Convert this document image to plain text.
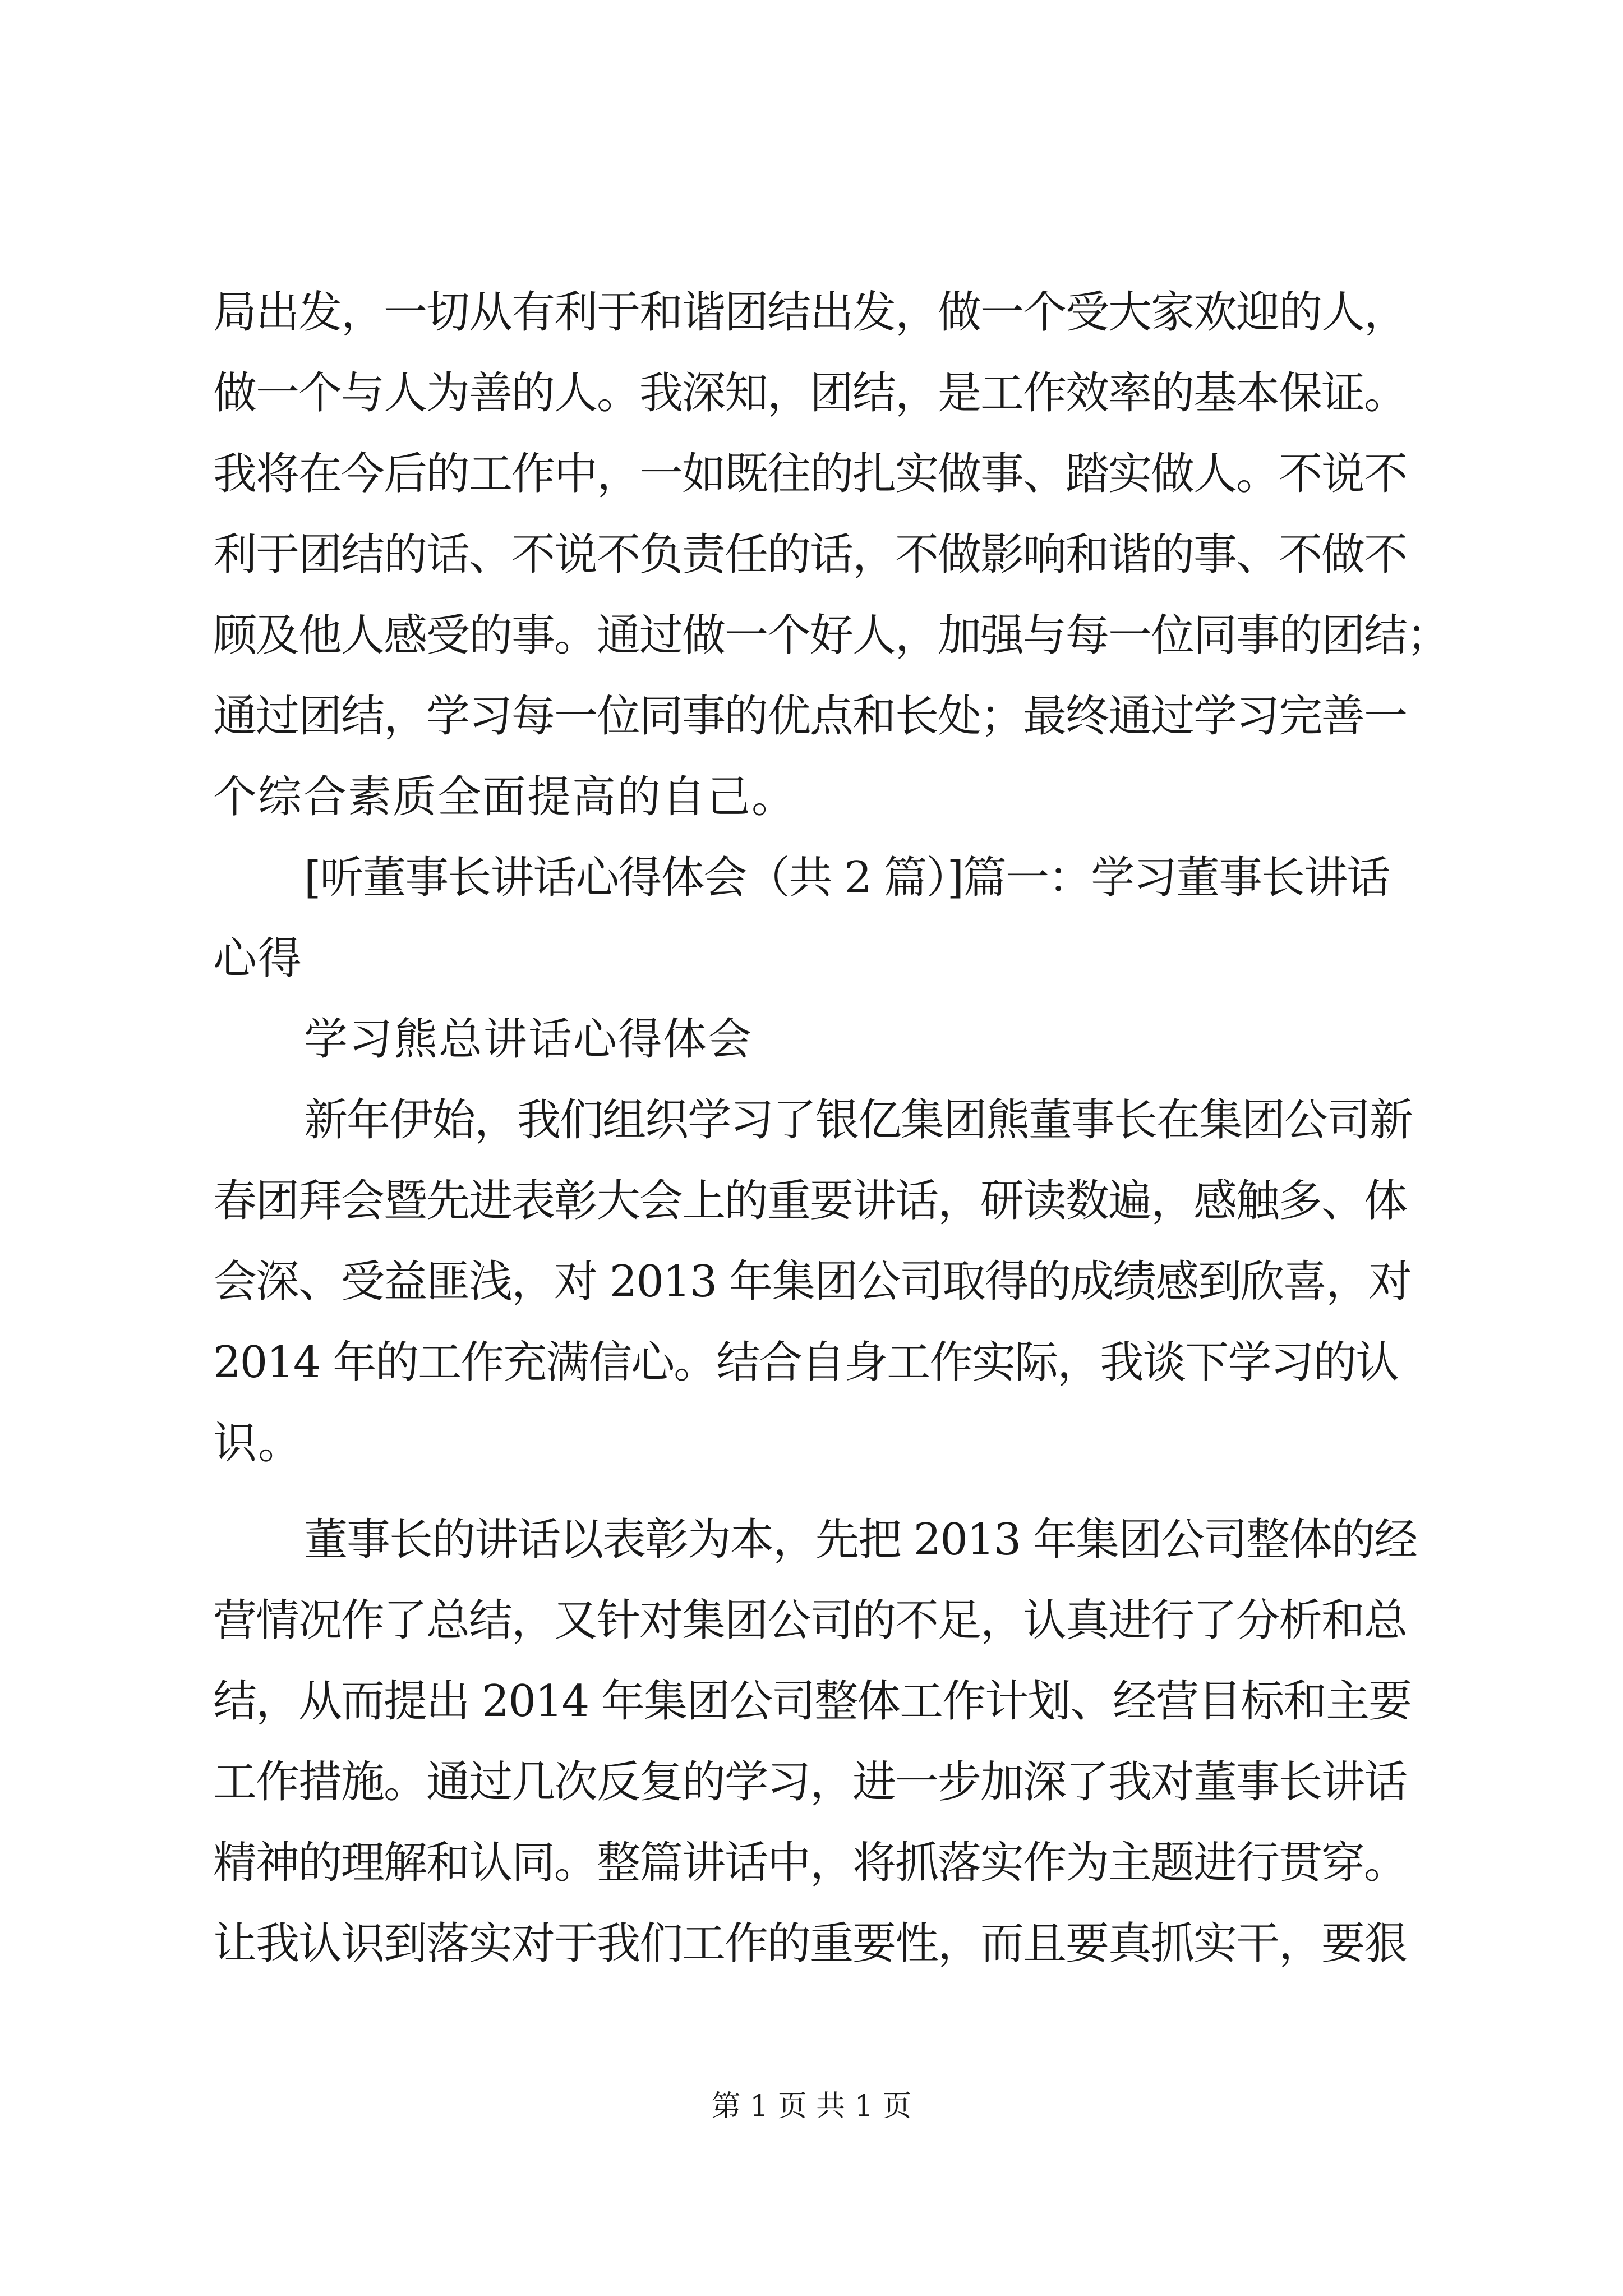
局出发，一切从有利于和谐团结出发，做一个受大家欢迎的人，
做一个与人为善的人。我深知，团结，是工作效率的基本保证。
我将在今后的工作中，一如既往的扎实做事、踏实做人。不说不
利于团结的话、不说不负责任的话，不做影响和谐的事、不做不
顾及他人感受的事。通过做一个好人，加强与每一位同事的团结；
通过团结，学习每一位同事的优点和长处；最终通过学习完善一
个综合素质全面提高的自己。
[听董事长讲话心得体会（共 2 篇）]篇一：学习董事长讲话
心得
学习熊总讲话心得体会
新年伊始，我们组织学习了银亿集团熊董事长在集团公司新
春团拜会暨先进表彰大会上的重要讲话，研读数遍，感触多、体
会深、受益匪浅，对 2013 年集团公司取得的成绩感到欣喜，对
2014 年的工作充满信心。结合自身工作实际，我谈下学习的认
识。
董事长的讲话以表彰为本，先把 2013 年集团公司整体的经
营情况作了总结，又针对集团公司的不足，认真进行了分析和总
结，从而提出 2014 年集团公司整体工作计划、经营目标和主要
工作措施。通过几次反复的学习，进一步加深了我对董事长讲话
精神的理解和认同。整篇讲话中，将抓落实作为主题进行贯穿。
让我认识到落实对于我们工作的重要性，而且要真抓实干，要狠
第 1 页 共 1 页
